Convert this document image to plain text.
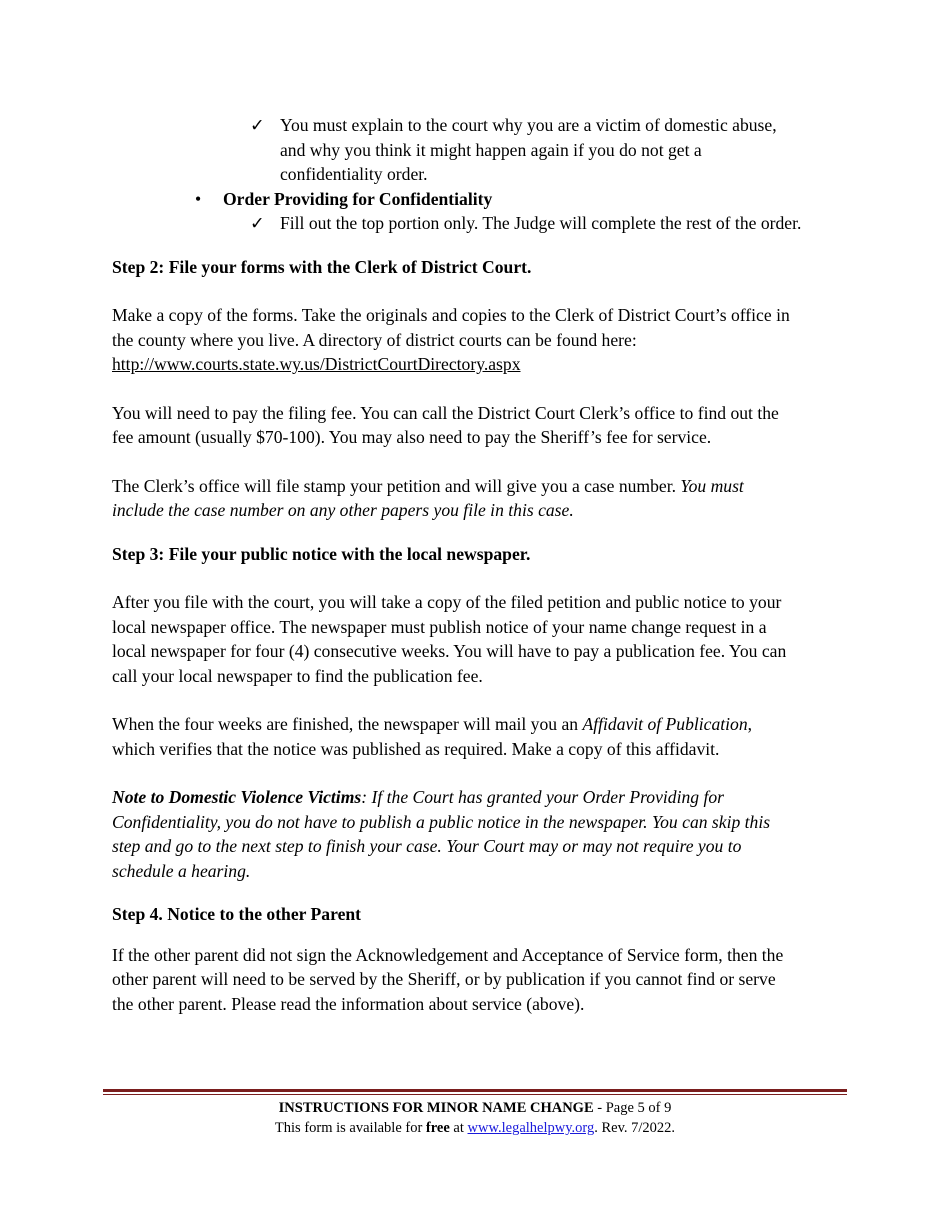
✓ You must explain to the court why you are a victim of domestic abuse,
and why you think it might happen again if you do not get a
confidentiality order.
• Order Providing for Confidentiality
✓ Fill out the top portion only. The Judge will complete the rest of the order.

Step 2: File your forms with the Clerk of District Court.

Make a copy of the forms. Take the originals and copies to the Clerk of District Court’s office in
the county where you live. A directory of district courts can be found here:
http://www.courts.state.wy.us/DistrictCourtDirectory.aspx

You will need to pay the filing fee. You can call the District Court Clerk’s office to find out the
fee amount (usually $70-100). You may also need to pay the Sheriff’s fee for service.

The Clerk’s office will file stamp your petition and will give you a case number. You must
include the case number on any other papers you file in this case.

Step 3: File your public notice with the local newspaper.

After you file with the court, you will take a copy of the filed petition and public notice to your
local newspaper office. The newspaper must publish notice of your name change request in a
local newspaper for four (4) consecutive weeks. You will have to pay a publication fee. You can
call your local newspaper to find the publication fee.

When the four weeks are finished, the newspaper will mail you an Affidavit of Publication,
which verifies that the notice was published as required. Make a copy of this affidavit.

Note to Domestic Violence Victims: If the Court has granted your Order Providing for
Confidentiality, you do not have to publish a public notice in the newspaper. You can skip this
step and go to the next step to finish your case. Your Court may or may not require you to
schedule a hearing.

Step 4. Notice to the other Parent

If the other parent did not sign the Acknowledgement and Acceptance of Service form, then the
other parent will need to be served by the Sheriff, or by publication if you cannot find or serve
the other parent. Please read the information about service (above).

INSTRUCTIONS FOR MINOR NAME CHANGE - Page 5 of 9
This form is available for free at www.legalhelpwy.org. Rev. 7/2022.
